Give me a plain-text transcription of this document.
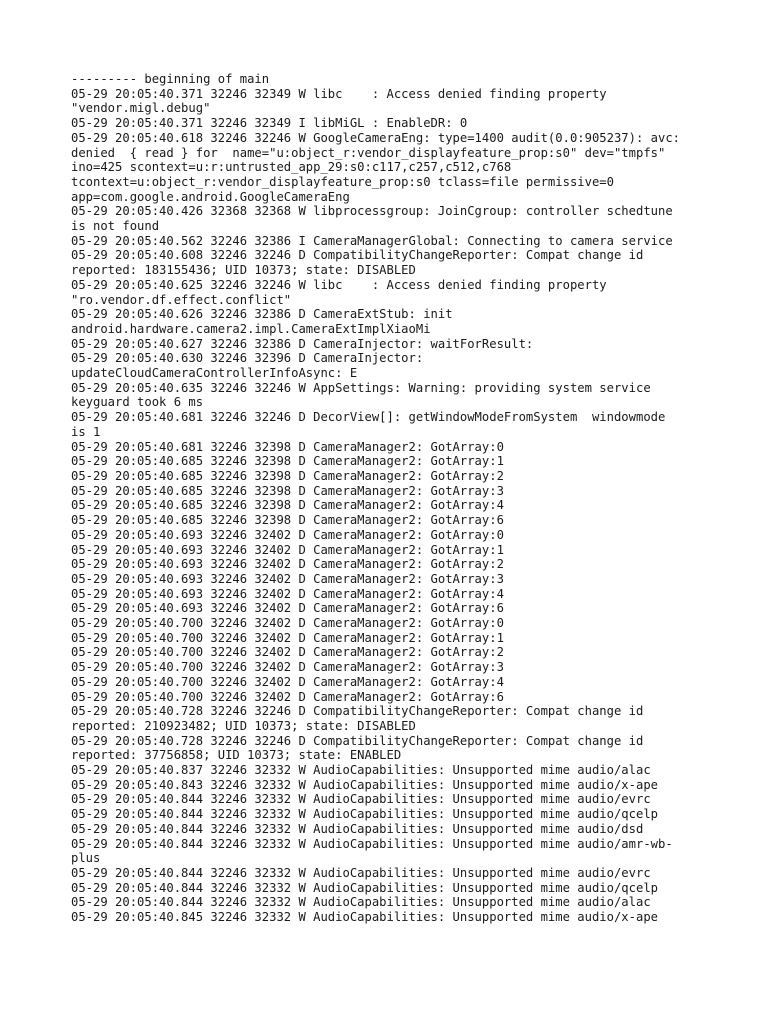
--------- beginning of main
05-29 20:05:40.371 32246 32349 W libc    : Access denied finding property
"vendor.migl.debug"
05-29 20:05:40.371 32246 32349 I libMiGL : EnableDR: 0
05-29 20:05:40.618 32246 32246 W GoogleCameraEng: type=1400 audit(0.0:905237): avc:
denied  { read } for  name="u:object_r:vendor_displayfeature_prop:s0" dev="tmpfs"
ino=425 scontext=u:r:untrusted_app_29:s0:c117,c257,c512,c768
tcontext=u:object_r:vendor_displayfeature_prop:s0 tclass=file permissive=0
app=com.google.android.GoogleCameraEng
05-29 20:05:40.426 32368 32368 W libprocessgroup: JoinCgroup: controller schedtune
is not found
05-29 20:05:40.562 32246 32386 I CameraManagerGlobal: Connecting to camera service
05-29 20:05:40.608 32246 32246 D CompatibilityChangeReporter: Compat change id
reported: 183155436; UID 10373; state: DISABLED
05-29 20:05:40.625 32246 32246 W libc    : Access denied finding property
"ro.vendor.df.effect.conflict"
05-29 20:05:40.626 32246 32386 D CameraExtStub: init
android.hardware.camera2.impl.CameraExtImplXiaoMi
05-29 20:05:40.627 32246 32386 D CameraInjector: waitForResult:
05-29 20:05:40.630 32246 32396 D CameraInjector:
updateCloudCameraControllerInfoAsync: E
05-29 20:05:40.635 32246 32246 W AppSettings: Warning: providing system service
keyguard took 6 ms
05-29 20:05:40.681 32246 32246 D DecorView[]: getWindowModeFromSystem  windowmode
is 1
05-29 20:05:40.681 32246 32398 D CameraManager2: GotArray:0
05-29 20:05:40.685 32246 32398 D CameraManager2: GotArray:1
05-29 20:05:40.685 32246 32398 D CameraManager2: GotArray:2
05-29 20:05:40.685 32246 32398 D CameraManager2: GotArray:3
05-29 20:05:40.685 32246 32398 D CameraManager2: GotArray:4
05-29 20:05:40.685 32246 32398 D CameraManager2: GotArray:6
05-29 20:05:40.693 32246 32402 D CameraManager2: GotArray:0
05-29 20:05:40.693 32246 32402 D CameraManager2: GotArray:1
05-29 20:05:40.693 32246 32402 D CameraManager2: GotArray:2
05-29 20:05:40.693 32246 32402 D CameraManager2: GotArray:3
05-29 20:05:40.693 32246 32402 D CameraManager2: GotArray:4
05-29 20:05:40.693 32246 32402 D CameraManager2: GotArray:6
05-29 20:05:40.700 32246 32402 D CameraManager2: GotArray:0
05-29 20:05:40.700 32246 32402 D CameraManager2: GotArray:1
05-29 20:05:40.700 32246 32402 D CameraManager2: GotArray:2
05-29 20:05:40.700 32246 32402 D CameraManager2: GotArray:3
05-29 20:05:40.700 32246 32402 D CameraManager2: GotArray:4
05-29 20:05:40.700 32246 32402 D CameraManager2: GotArray:6
05-29 20:05:40.728 32246 32246 D CompatibilityChangeReporter: Compat change id
reported: 210923482; UID 10373; state: DISABLED
05-29 20:05:40.728 32246 32246 D CompatibilityChangeReporter: Compat change id
reported: 37756858; UID 10373; state: ENABLED
05-29 20:05:40.837 32246 32332 W AudioCapabilities: Unsupported mime audio/alac
05-29 20:05:40.843 32246 32332 W AudioCapabilities: Unsupported mime audio/x-ape
05-29 20:05:40.844 32246 32332 W AudioCapabilities: Unsupported mime audio/evrc
05-29 20:05:40.844 32246 32332 W AudioCapabilities: Unsupported mime audio/qcelp
05-29 20:05:40.844 32246 32332 W AudioCapabilities: Unsupported mime audio/dsd
05-29 20:05:40.844 32246 32332 W AudioCapabilities: Unsupported mime audio/amr-wb-
plus
05-29 20:05:40.844 32246 32332 W AudioCapabilities: Unsupported mime audio/evrc
05-29 20:05:40.844 32246 32332 W AudioCapabilities: Unsupported mime audio/qcelp
05-29 20:05:40.844 32246 32332 W AudioCapabilities: Unsupported mime audio/alac
05-29 20:05:40.845 32246 32332 W AudioCapabilities: Unsupported mime audio/x-ape
